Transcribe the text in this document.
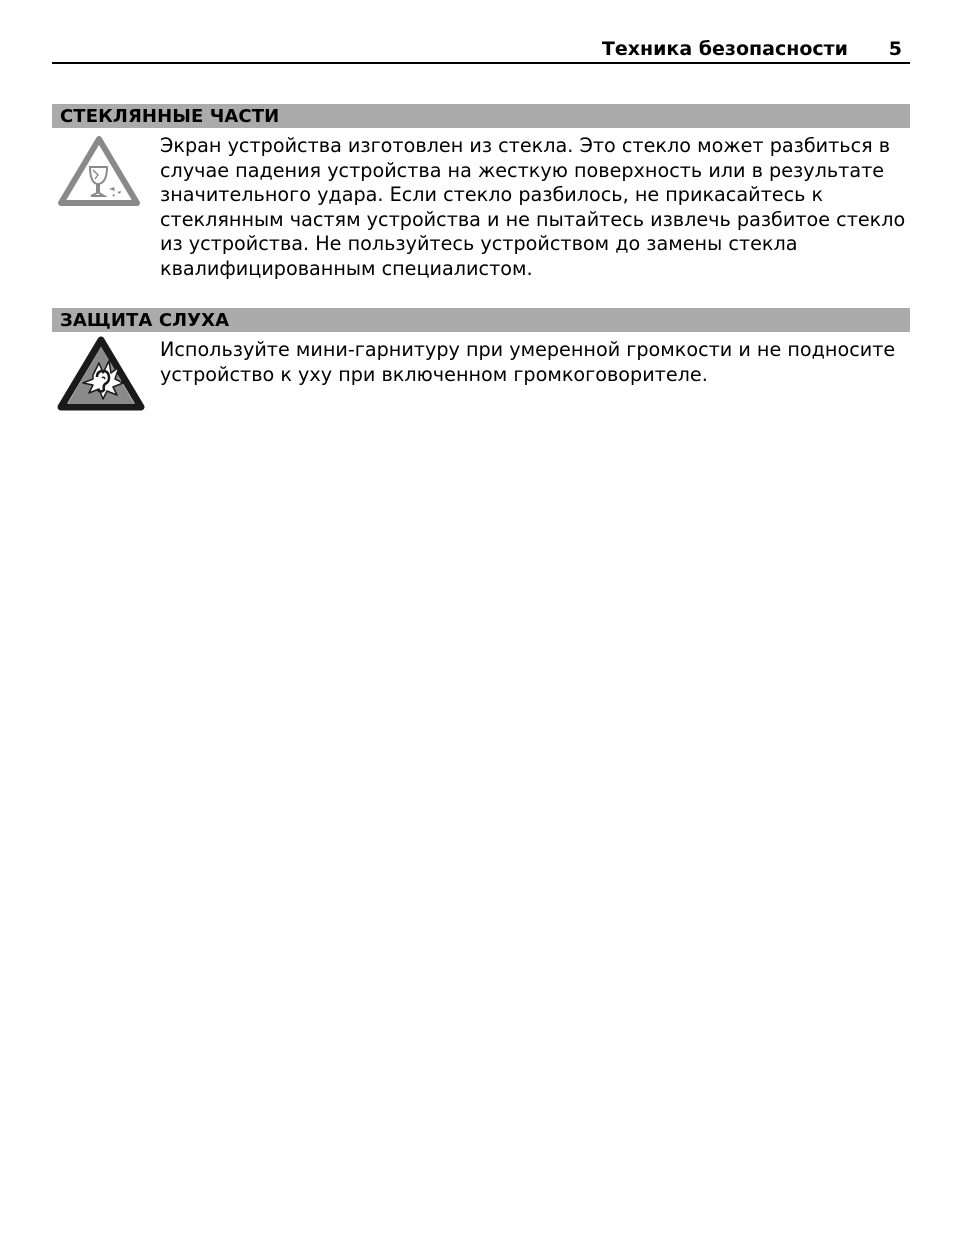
Техника безопасности 5
СТЕКЛЯННЫЕ ЧАСТИ

Экран устройства изготовлен из стекла. Это стекло может разбиться в случае падения устройства на жесткую поверхность или в результате значительного удара. Если стекло разбилось, не прикасайтесь к стеклянным частям устройства и не пытайтесь извлечь разбитое стекло из устройства. Не пользуйтесь устройством до замены стекла квалифицированным специалистом.

ЗАЩИТА СЛУХА

Используйте мини-гарнитуру при умеренной громкости и не подносите устройство к уху при включенном громкоговорителе.
